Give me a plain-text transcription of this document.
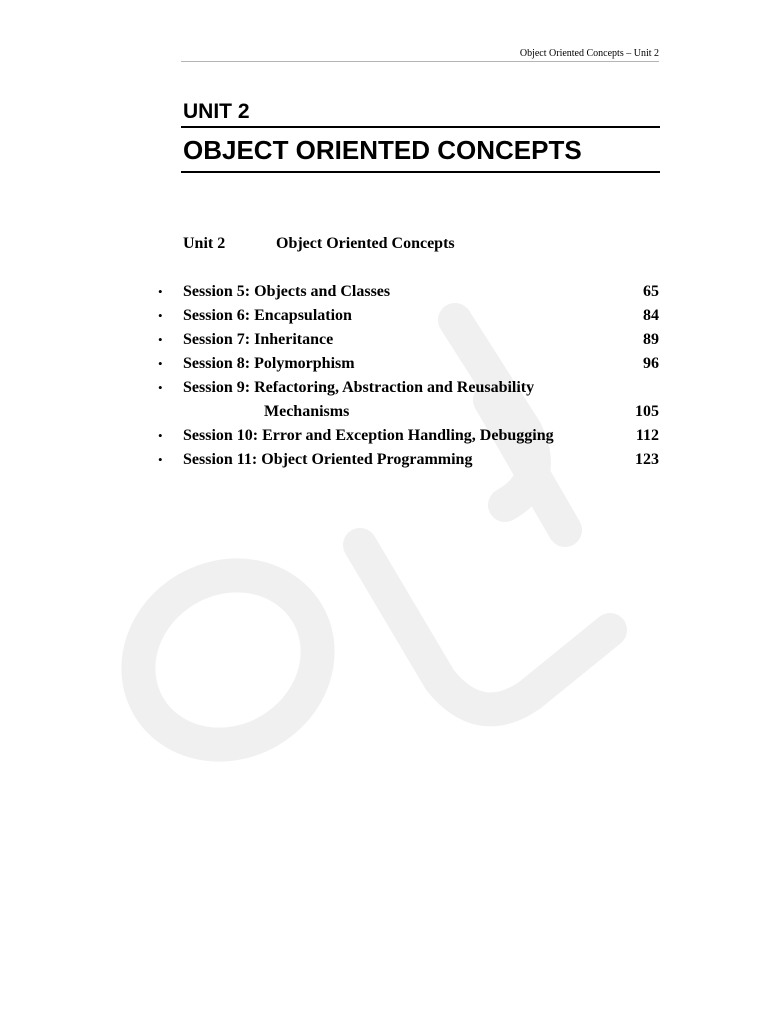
Object Oriented Concepts – Unit 2
UNIT 2
OBJECT ORIENTED CONCEPTS
Unit 2	Object Oriented Concepts
• Session 5: Objects and Classes	65
• Session 6: Encapsulation	84
• Session 7: Inheritance	89
• Session 8: Polymorphism	96
• Session 9: Refactoring, Abstraction and Reusability
Mechanisms	105
• Session 10: Error and Exception Handling, Debugging	112
• Session 11: Object Oriented Programming	123
